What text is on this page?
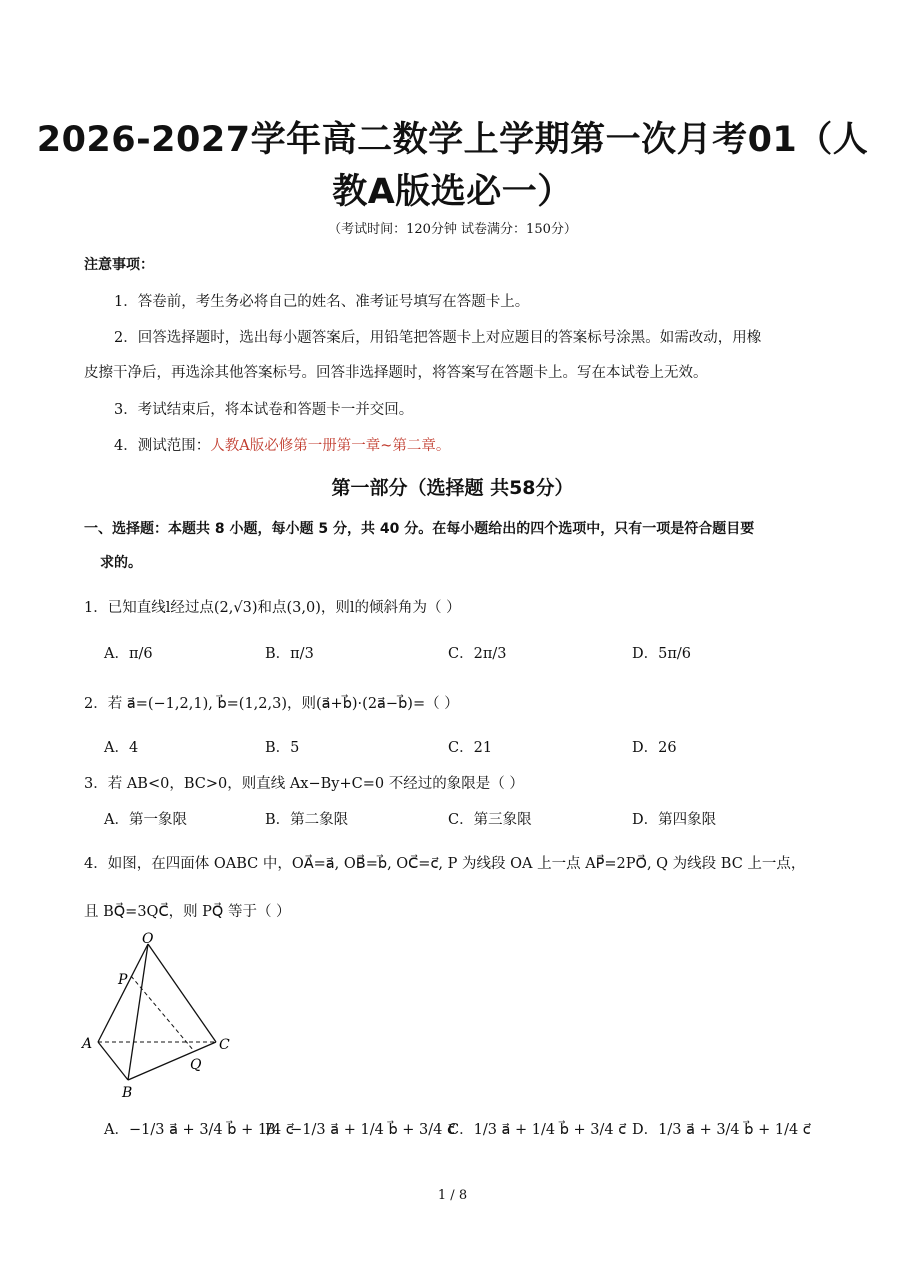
2026-2027学年高二数学上学期第一次月考01（人
教A版选必一）
（考试时间：120分钟 试卷满分：150分）
注意事项：
1．答卷前，考生务必将自己的姓名、准考证号填写在答题卡上。
2．回答选择题时，选出每小题答案后，用铅笔把答题卡上对应题目的答案标号涂黑。如需改动，用橡
皮擦干净后，再选涂其他答案标号。回答非选择题时，将答案写在答题卡上。写在本试卷上无效。
3．考试结束后，将本试卷和答题卡一并交回。
4．测试范围：人教A版必修第一册第一章~第二章。
第一部分（选择题 共58分）
一、选择题：本题共 8 小题，每小题 5 分，共 40 分。在每小题给出的四个选项中，只有一项是符合题目要
求的。
1．已知直线l经过点(2,√3)和点(3,0)，则l的倾斜角为（ ）
A．π/6	B．π/3	C．2π/3	D．5π/6
2．若 a⃗=(−1,2,1), b⃗=(1,2,3)，则(a⃗+b⃗)·(2a⃗−b⃗)=（ ）
A．4	B．5	C．21	D．26
3．若 AB<0，BC>0，则直线 Ax−By+C=0 不经过的象限是（ ）
A．第一象限	B．第二象限	C．第三象限	D．第四象限
4．如图，在四面体 OABC 中，OA⃗=a⃗, OB⃗=b⃗, OC⃗=c⃗, P 为线段 OA 上一点 AP⃗=2PO⃗, Q 为线段 BC 上一点，
且 BQ⃗=3QC⃗，则 PQ⃗ 等于（ ）
O
P
A
Q
C
B
A．−1/3 a⃗ + 3/4 b⃗ + 1/4 c⃗
B．−1/3 a⃗ + 1/4 b⃗ + 3/4 c⃗
C．1/3 a⃗ + 1/4 b⃗ + 3/4 c⃗ D．1/3 a⃗ + 3/4 b⃗ + 1/4 c⃗
1 / 8
